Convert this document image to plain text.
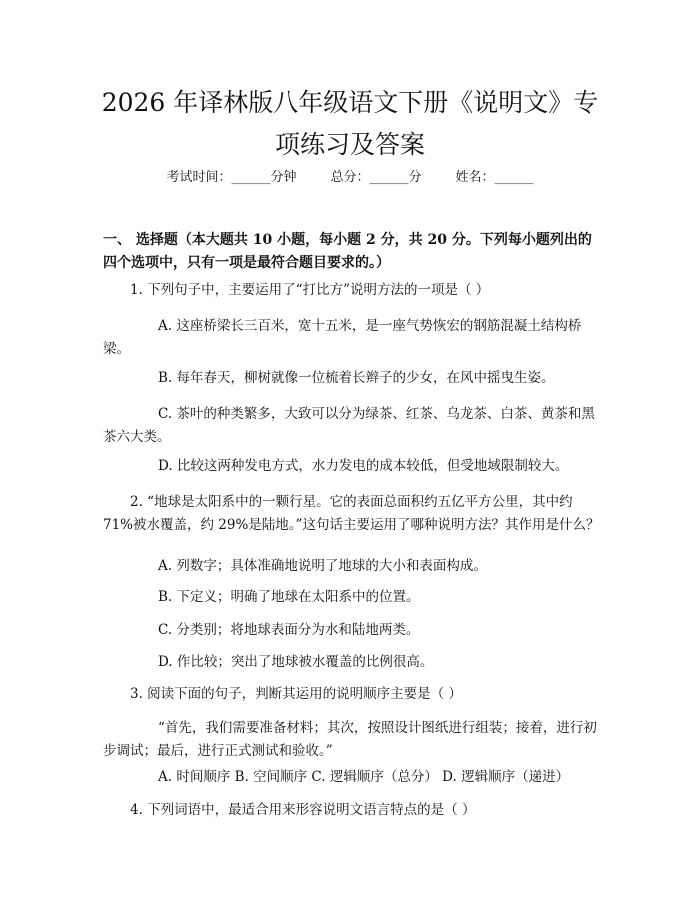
2026 年译林版八年级语文下册《说明文》专
项练习及答案
考试时间：______分钟	总分：______分	姓名：______

一、 选择题（本大题共 10 小题，每小题 2 分，共 20 分。下列每小题列出的四个选项中，只有一项是最符合题目要求的。）

1. 下列句子中，主要运用了“打比方”说明方法的一项是（ ）

A. 这座桥梁长三百米，宽十五米，是一座气势恢宏的钢筋混凝土结构桥梁。

B. 每年春天，柳树就像一位梳着长辫子的少女，在风中摇曳生姿。

C. 茶叶的种类繁多，大致可以分为绿茶、红茶、乌龙茶、白茶、黄茶和黑茶六大类。

D. 比较这两种发电方式，水力发电的成本较低，但受地域限制较大。

2. “地球是太阳系中的一颗行星。它的表面总面积约五亿平方公里，其中约 71%被水覆盖，约 29%是陆地。”这句话主要运用了哪种说明方法？其作用是什么？

A. 列数字；具体准确地说明了地球的大小和表面构成。

B. 下定义；明确了地球在太阳系中的位置。

C. 分类别；将地球表面分为水和陆地两类。

D. 作比较；突出了地球被水覆盖的比例很高。

3. 阅读下面的句子，判断其运用的说明顺序主要是（ ）

“首先，我们需要准备材料；其次，按照设计图纸进行组装；接着，进行初步调试；最后，进行正式测试和验收。”

A. 时间顺序 B. 空间顺序 C. 逻辑顺序（总分） D. 逻辑顺序（递进）

4. 下列词语中，最适合用来形容说明文语言特点的是（ ）
